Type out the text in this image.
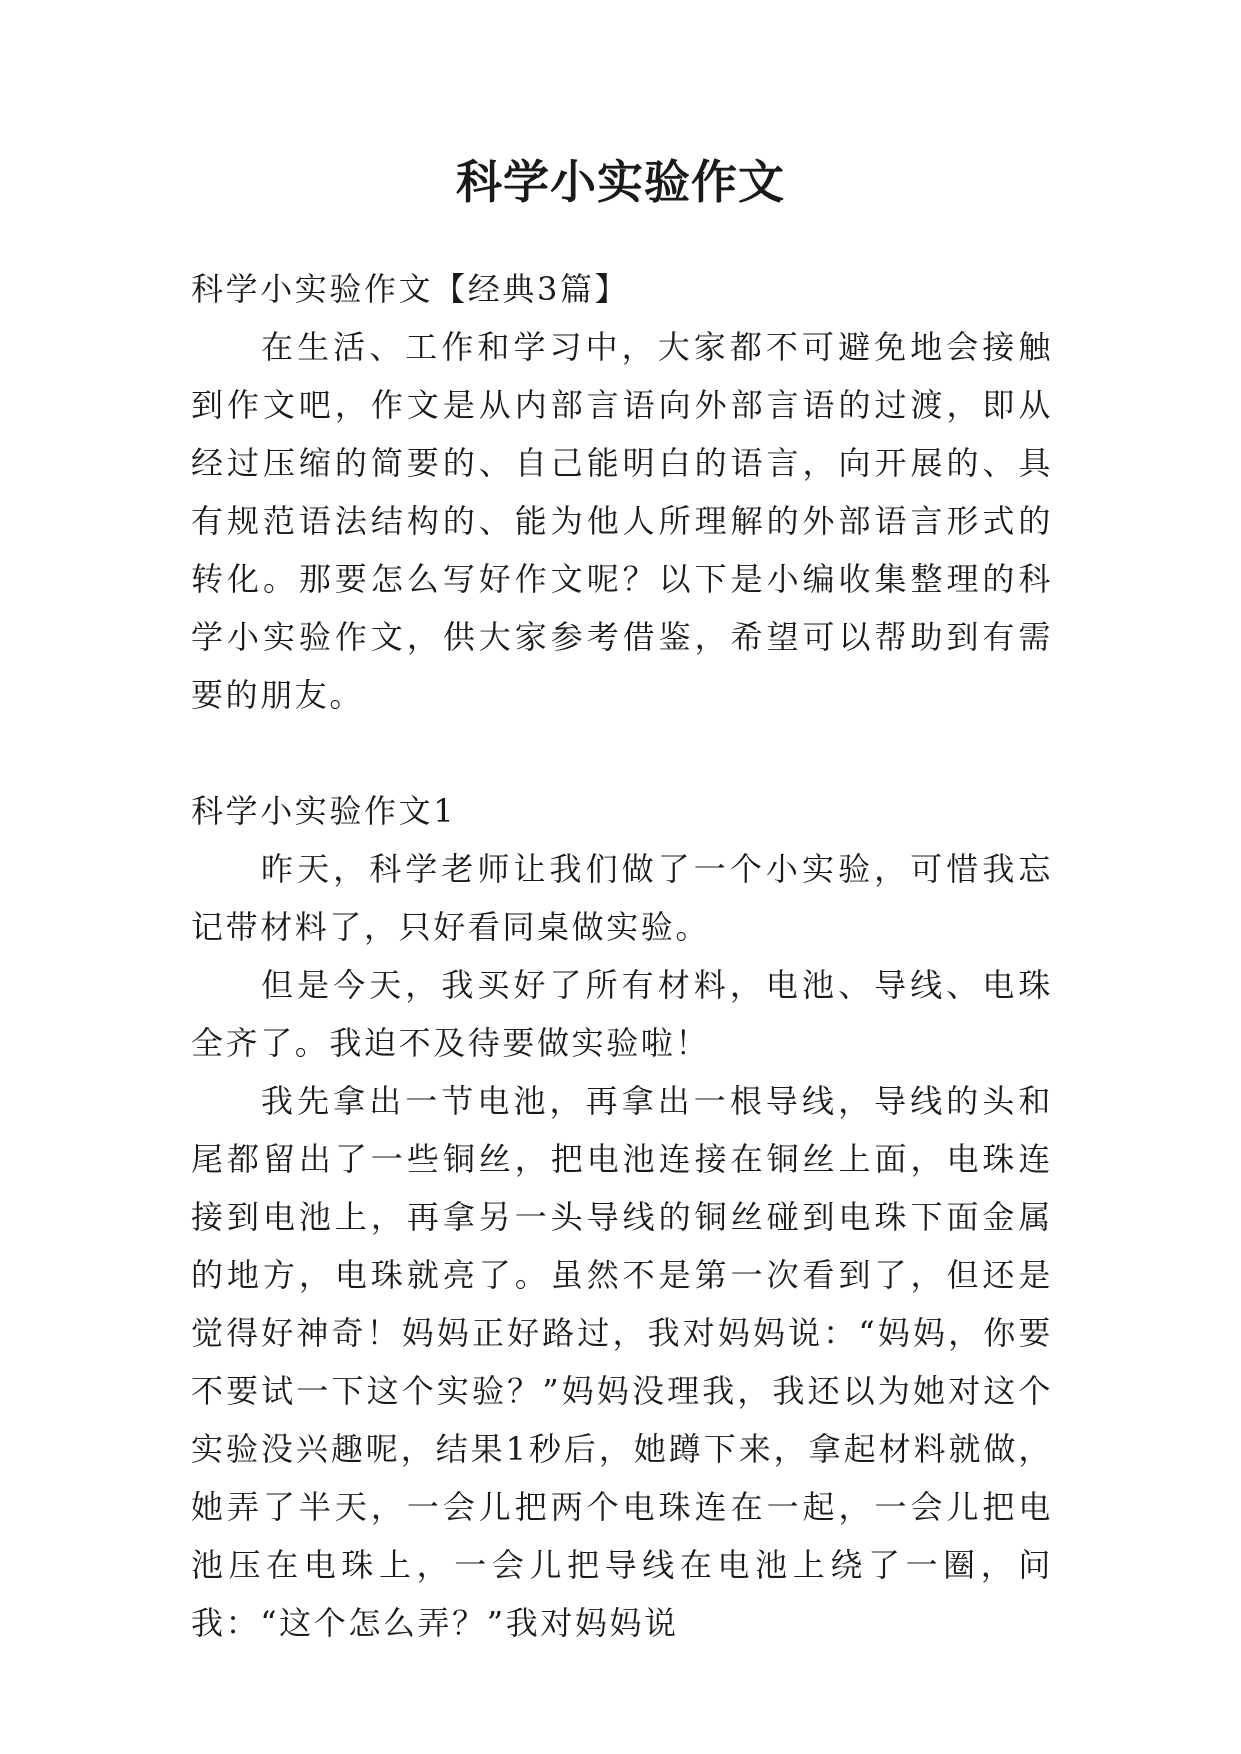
科学小实验作文

科学小实验作文【经典3篇】

在生活、工作和学习中，大家都不可避免地会接触到作文吧，作文是从内部言语向外部言语的过渡，即从经过压缩的简要的、自己能明白的语言，向开展的、具有规范语法结构的、能为他人所理解的外部语言形式的转化。那要怎么写好作文呢？以下是小编收集整理的科学小实验作文，供大家参考借鉴，希望可以帮助到有需要的朋友。

科学小实验作文1

昨天，科学老师让我们做了一个小实验，可惜我忘记带材料了，只好看同桌做实验。

但是今天，我买好了所有材料，电池、导线、电珠全齐了。我迫不及待要做实验啦！

我先拿出一节电池，再拿出一根导线，导线的头和尾都留出了一些铜丝，把电池连接在铜丝上面，电珠连接到电池上，再拿另一头导线的铜丝碰到电珠下面金属的地方，电珠就亮了。虽然不是第一次看到了，但还是觉得好神奇！妈妈正好路过，我对妈妈说：“妈妈，你要不要试一下这个实验？”妈妈没理我，我还以为她对这个实验没兴趣呢，结果1秒后，她蹲下来，拿起材料就做，她弄了半天，一会儿把两个电珠连在一起，一会儿把电池压在电珠上，一会儿把导线在电池上绕了一圈，问我：“这个怎么弄？”我对妈妈说
